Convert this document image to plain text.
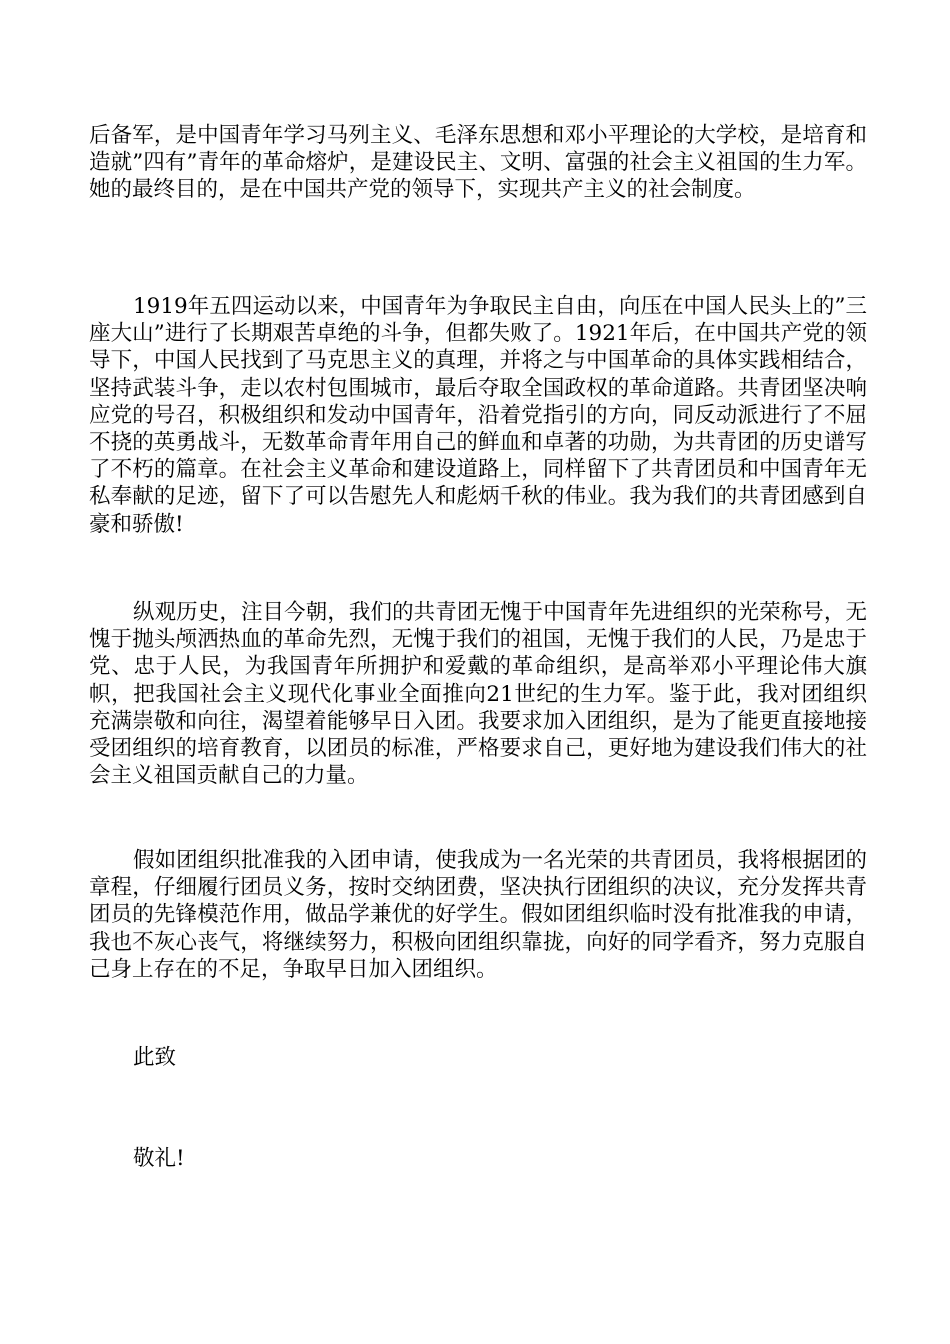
后备军，是中国青年学习马列主义、毛泽东思想和邓小平理论的大学校，是培育和造就”四有”青年的革命熔炉，是建设民主、文明、富强的社会主义祖国的生力军。她的最终目的，是在中国共产党的领导下，实现共产主义的社会制度。

1919年五四运动以来，中国青年为争取民主自由，向压在中国人民头上的”三座大山”进行了长期艰苦卓绝的斗争，但都失败了。1921年后，在中国共产党的领导下，中国人民找到了马克思主义的真理，并将之与中国革命的具体实践相结合，坚持武装斗争，走以农村包围城市，最后夺取全国政权的革命道路。共青团坚决响应党的号召，积极组织和发动中国青年，沿着党指引的方向，同反动派进行了不屈不挠的英勇战斗，无数革命青年用自己的鲜血和卓著的功勋，为共青团的历史谱写了不朽的篇章。在社会主义革命和建设道路上，同样留下了共青团员和中国青年无私奉献的足迹，留下了可以告慰先人和彪炳千秋的伟业。我为我们的共青团感到自豪和骄傲!

纵观历史，注目今朝，我们的共青团无愧于中国青年先进组织的光荣称号，无愧于抛头颅洒热血的革命先烈，无愧于我们的祖国，无愧于我们的人民，乃是忠于党、忠于人民，为我国青年所拥护和爱戴的革命组织，是高举邓小平理论伟大旗帜，把我国社会主义现代化事业全面推向21世纪的生力军。鉴于此，我对团组织充满崇敬和向往，渴望着能够早日入团。我要求加入团组织，是为了能更直接地接受团组织的培育教育，以团员的标准，严格要求自己，更好地为建设我们伟大的社会主义祖国贡献自己的力量。

假如团组织批准我的入团申请，使我成为一名光荣的共青团员，我将根据团的章程，仔细履行团员义务，按时交纳团费，坚决执行团组织的决议，充分发挥共青团员的先锋模范作用，做品学兼优的好学生。假如团组织临时没有批准我的申请，我也不灰心丧气，将继续努力，积极向团组织靠拢，向好的同学看齐，努力克服自己身上存在的不足，争取早日加入团组织。

此致

敬礼!
